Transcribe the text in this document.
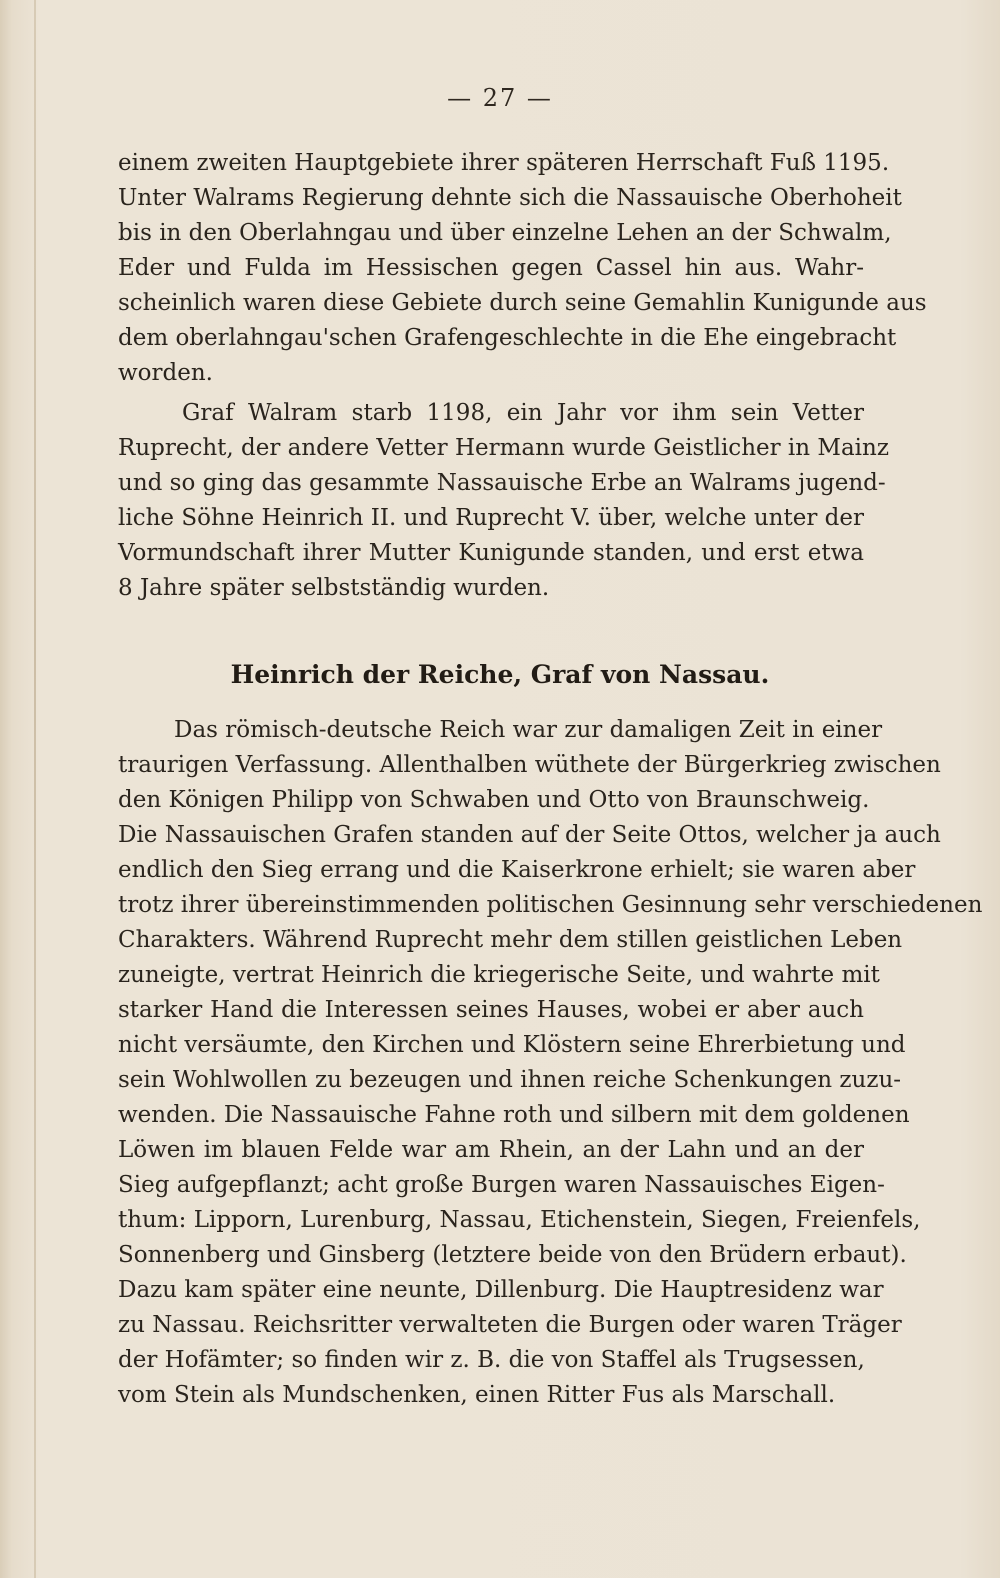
— 27 —
einem zweiten Hauptgebiete ihrer späteren Herrschaft Fuß 1195.
Unter Walrams Regierung dehnte sich die Nassauische Oberhoheit
bis in den Oberlahngau und über einzelne Lehen an der Schwalm,
Eder und Fulda im Hessischen gegen Cassel hin aus. Wahr-
scheinlich waren diese Gebiete durch seine Gemahlin Kunigunde aus
dem oberlahngau'schen Grafengeschlechte in die Ehe eingebracht
worden.
Graf Walram starb 1198, ein Jahr vor ihm sein Vetter
Ruprecht, der andere Vetter Hermann wurde Geistlicher in Mainz
und so ging das gesammte Nassauische Erbe an Walrams jugend-
liche Söhne Heinrich II. und Ruprecht V. über, welche unter der
Vormundschaft ihrer Mutter Kunigunde standen, und erst etwa
8 Jahre später selbstständig wurden.
Heinrich der Reiche, Graf von Nassau.
Das römisch-deutsche Reich war zur damaligen Zeit in einer
traurigen Verfassung. Allenthalben wüthete der Bürgerkrieg zwischen
den Königen Philipp von Schwaben und Otto von Braunschweig.
Die Nassauischen Grafen standen auf der Seite Ottos, welcher ja auch
endlich den Sieg errang und die Kaiserkrone erhielt; sie waren aber
trotz ihrer übereinstimmenden politischen Gesinnung sehr verschiedenen
Charakters. Während Ruprecht mehr dem stillen geistlichen Leben
zuneigte, vertrat Heinrich die kriegerische Seite, und wahrte mit
starker Hand die Interessen seines Hauses, wobei er aber auch
nicht versäumte, den Kirchen und Klöstern seine Ehrerbietung und
sein Wohlwollen zu bezeugen und ihnen reiche Schenkungen zuzu-
wenden. Die Nassauische Fahne roth und silbern mit dem goldenen
Löwen im blauen Felde war am Rhein, an der Lahn und an der
Sieg aufgepflanzt; acht große Burgen waren Nassauisches Eigen-
thum: Lipporn, Lurenburg, Nassau, Etichenstein, Siegen, Freienfels,
Sonnenberg und Ginsberg (letztere beide von den Brüdern erbaut).
Dazu kam später eine neunte, Dillenburg. Die Hauptresidenz war
zu Nassau. Reichsritter verwalteten die Burgen oder waren Träger
der Hofämter; so finden wir z. B. die von Staffel als Trugsessen,
vom Stein als Mundschenken, einen Ritter Fus als Marschall.
